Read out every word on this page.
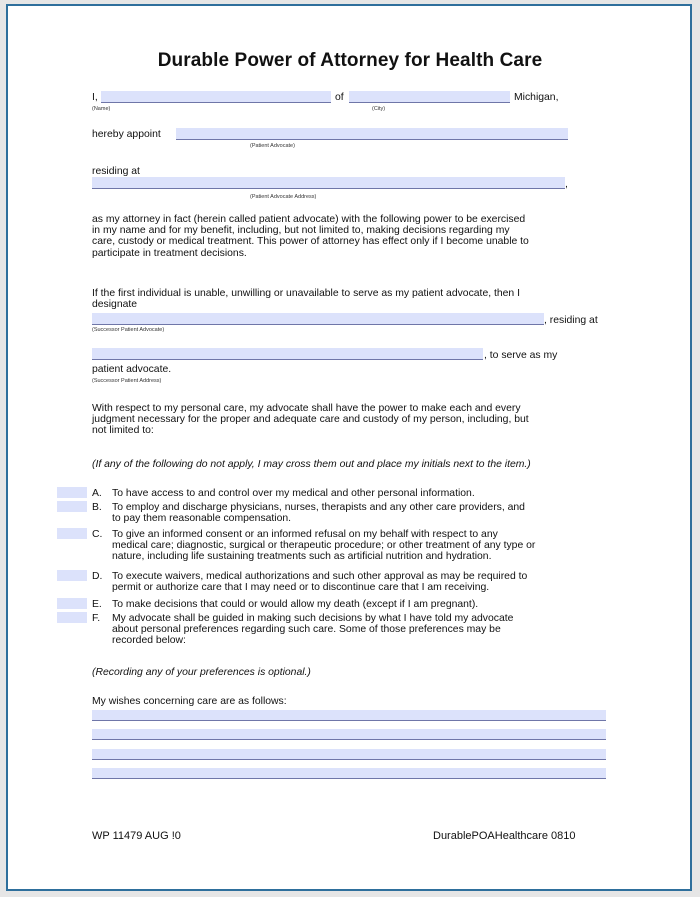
Durable Power of Attorney for Health Care
I,
(Name)
of
(City)
Michigan,
hereby appoint
(Patient Advocate)
residing at
,
(Patient Advocate Address)
as my attorney in fact (herein called patient advocate) with the following power to be exercised
in my name and for my benefit, including, but not limited to, making decisions regarding my
care, custody or medical treatment. This power of attorney has effect only if I become unable to
participate in treatment decisions.
If the first individual is unable, unwilling or unavailable to serve as my patient advocate, then I
designate
, residing at
(Successor Patient Advocate)
, to serve as my
patient advocate.
(Successor Patient Address)
With respect to my personal care, my advocate shall have the power to make each and every
judgment necessary for the proper and adequate care and custody of my person, including, but
not limited to:
(If any of the following do not apply, I may cross them out and place my initials next to the item.)
A. To have access to and control over my medical and other personal information.
B. To employ and discharge physicians, nurses, therapists and any other care providers, and
to pay them reasonable compensation.
C. To give an informed consent or an informed refusal on my behalf with respect to any
medical care; diagnostic, surgical or therapeutic procedure; or other treatment of any type or
nature, including life sustaining treatments such as artificial nutrition and hydration.
D. To execute waivers, medical authorizations and such other approval as may be required to
permit or authorize care that I may need or to discontinue care that I am receiving.
E. To make decisions that could or would allow my death (except if I am pregnant).
F. My advocate shall be guided in making such decisions by what I have told my advocate
about personal preferences regarding such care. Some of those preferences may be
recorded below:
(Recording any of your preferences is optional.)
My wishes concerning care are as follows:
WP 11479 AUG !0	DurablePOAHealthcare 0810
